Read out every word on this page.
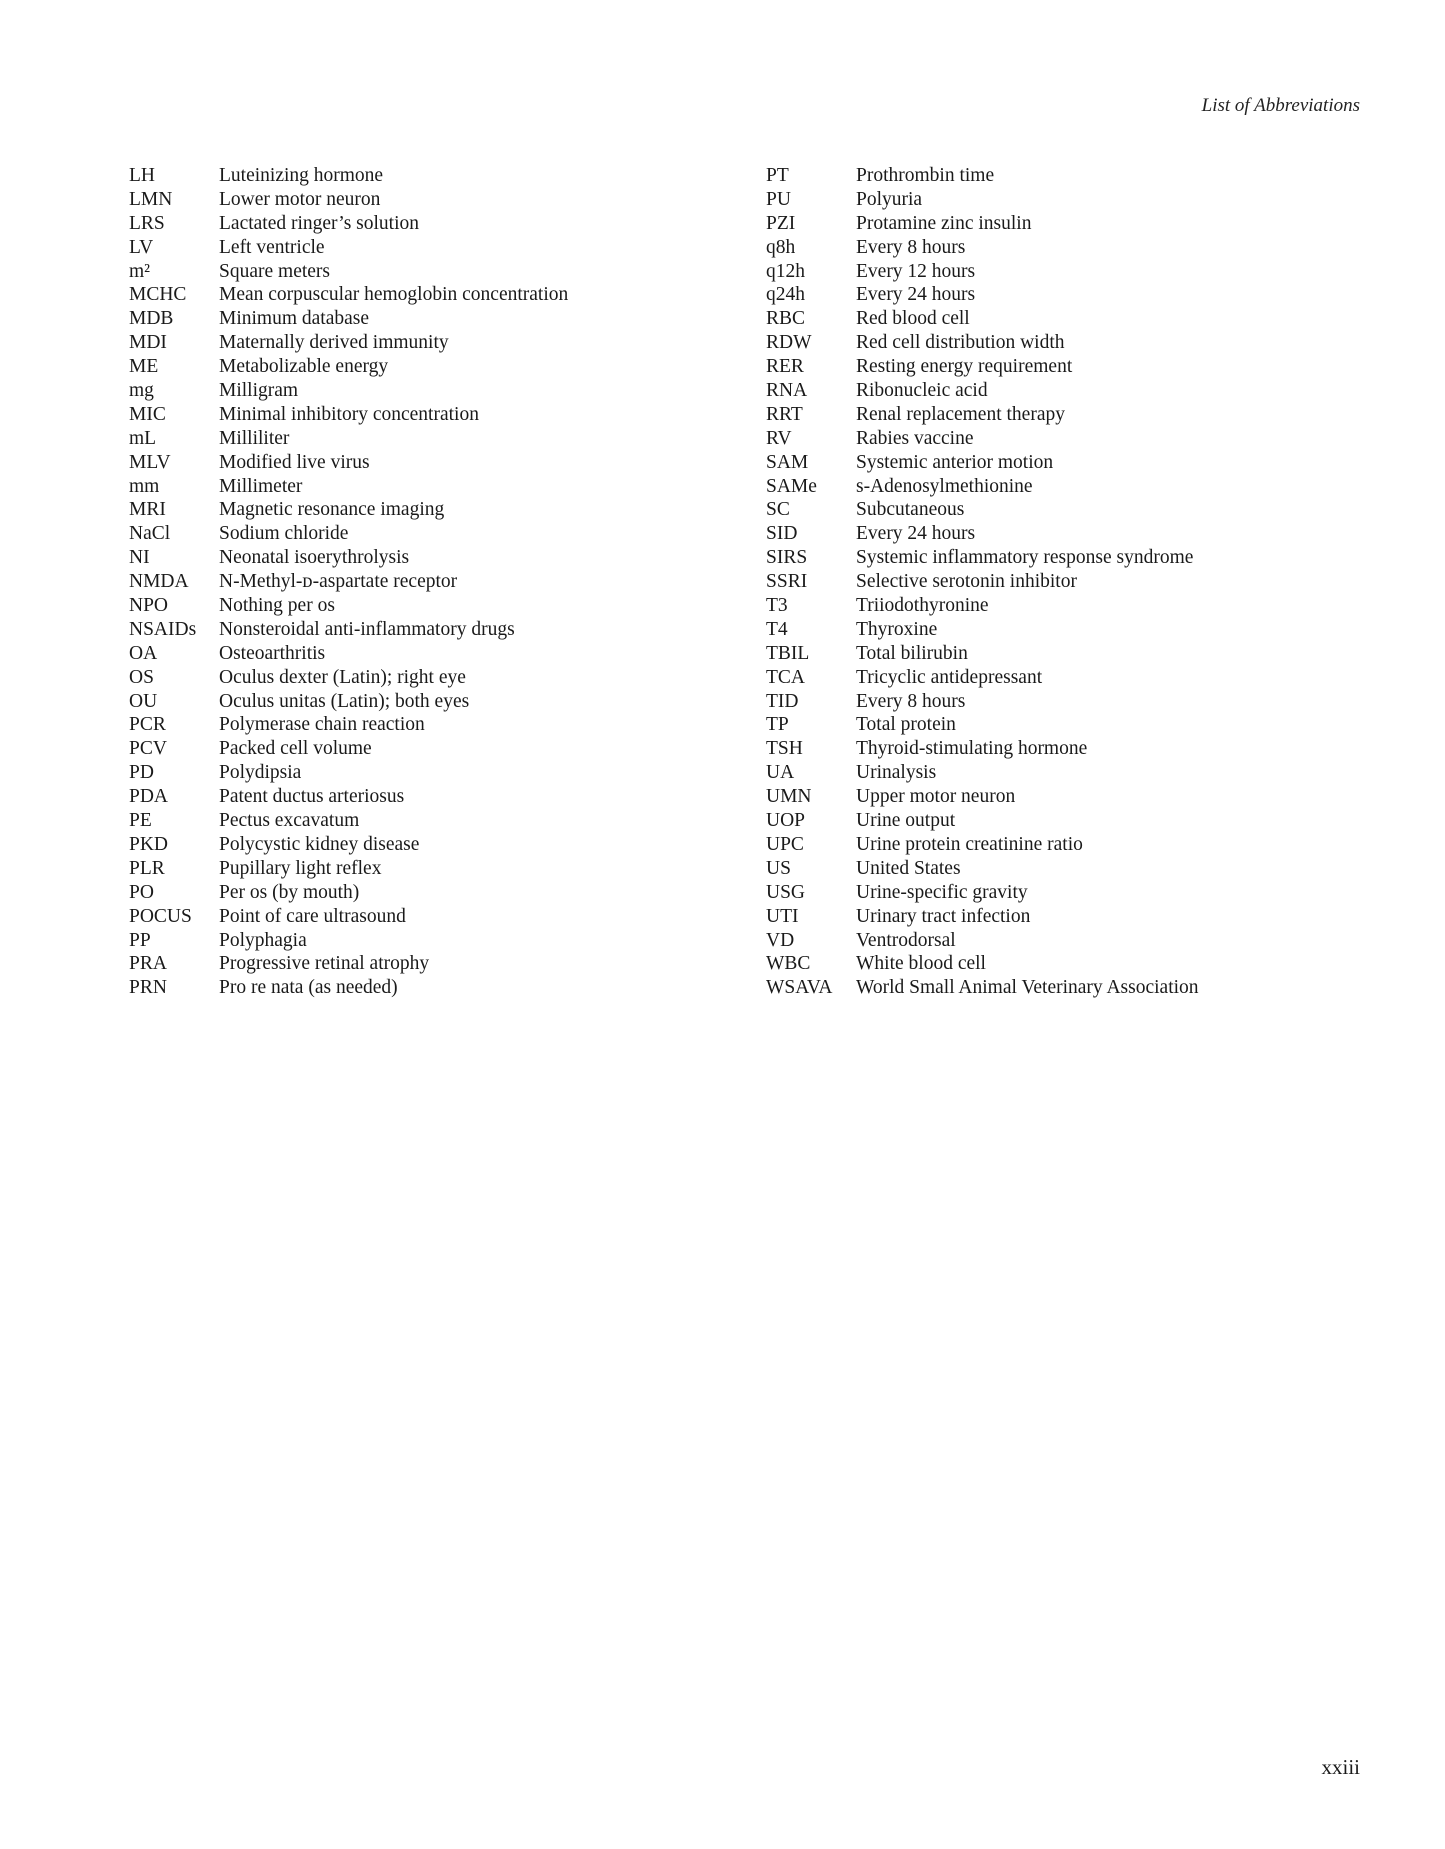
List of Abbreviations
LH	Luteinizing hormone
LMN	Lower motor neuron
LRS	Lactated ringer’s solution
LV	Left ventricle
m²	Square meters
MCHC	Mean corpuscular hemoglobin concentration
MDB	Minimum database
MDI	Maternally derived immunity
ME	Metabolizable energy
mg	Milligram
MIC	Minimal inhibitory concentration
mL	Milliliter
MLV	Modified live virus
mm	Millimeter
MRI	Magnetic resonance imaging
NaCl	Sodium chloride
NI	Neonatal isoerythrolysis
NMDA	N-Methyl-ᴅ-aspartate receptor
NPO	Nothing per os
NSAIDs	Nonsteroidal anti-inflammatory drugs
OA	Osteoarthritis
OS	Oculus dexter (Latin); right eye
OU	Oculus unitas (Latin); both eyes
PCR	Polymerase chain reaction
PCV	Packed cell volume
PD	Polydipsia
PDA	Patent ductus arteriosus
PE	Pectus excavatum
PKD	Polycystic kidney disease
PLR	Pupillary light reflex
PO	Per os (by mouth)
POCUS	Point of care ultrasound
PP	Polyphagia
PRA	Progressive retinal atrophy
PRN	Pro re nata (as needed)
PT	Prothrombin time
PU	Polyuria
PZI	Protamine zinc insulin
q8h	Every 8 hours
q12h	Every 12 hours
q24h	Every 24 hours
RBC	Red blood cell
RDW	Red cell distribution width
RER	Resting energy requirement
RNA	Ribonucleic acid
RRT	Renal replacement therapy
RV	Rabies vaccine
SAM	Systemic anterior motion
SAMe	s-Adenosylmethionine
SC	Subcutaneous
SID	Every 24 hours
SIRS	Systemic inflammatory response syndrome
SSRI	Selective serotonin inhibitor
T3	Triiodothyronine
T4	Thyroxine
TBIL	Total bilirubin
TCA	Tricyclic antidepressant
TID	Every 8 hours
TP	Total protein
TSH	Thyroid-stimulating hormone
UA	Urinalysis
UMN	Upper motor neuron
UOP	Urine output
UPC	Urine protein creatinine ratio
US	United States
USG	Urine-specific gravity
UTI	Urinary tract infection
VD	Ventrodorsal
WBC	White blood cell
WSAVA	World Small Animal Veterinary Association
xxiii
